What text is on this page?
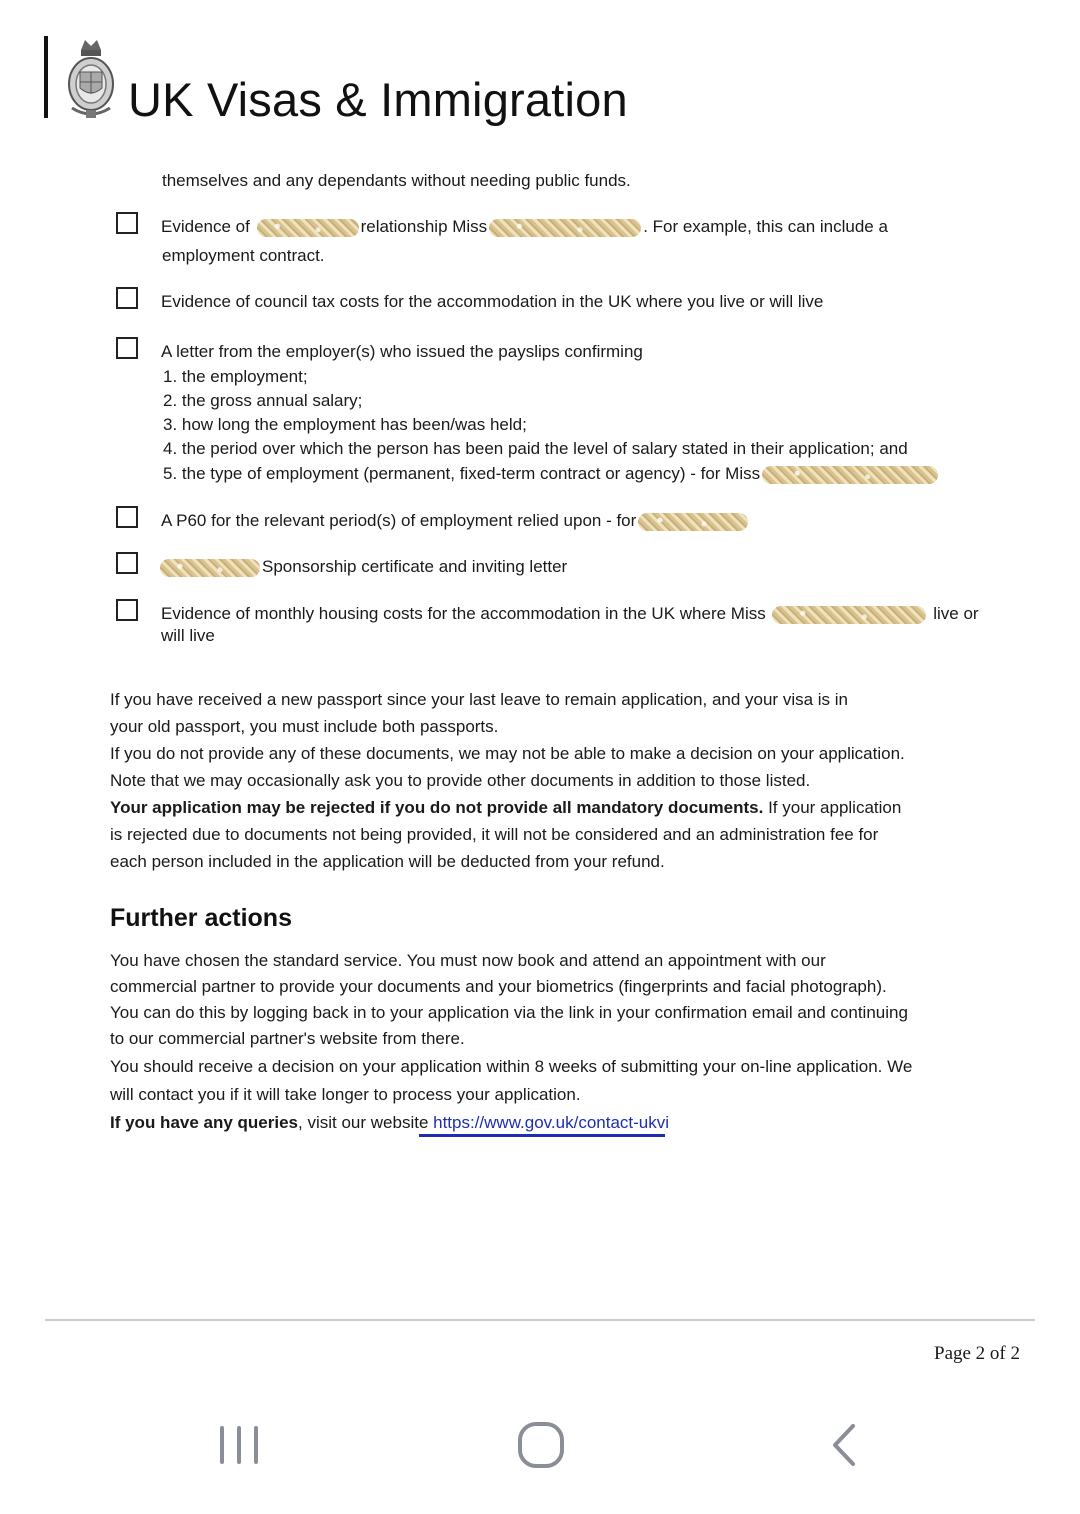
UK Visas & Immigration
themselves and any dependants without needing public funds.
Evidence of	relationship Miss	. For example, this can include a
employment contract.
Evidence of council tax costs for the accommodation in the UK where you live or will live
A letter from the employer(s) who issued the payslips confirming
1. the employment;
2. the gross annual salary;
3. how long the employment has been/was held;
4. the period over which the person has been paid the level of salary stated in their application; and
5. the type of employment (permanent, fixed-term contract or agency) - for Miss
A P60 for the relevant period(s) of employment relied upon - for
Sponsorship certificate and inviting letter
Evidence of monthly housing costs for the accommodation in the UK where Miss	live or
will live
If you have received a new passport since your last leave to remain application, and your visa is in
your old passport, you must include both passports.
If you do not provide any of these documents, we may not be able to make a decision on your application.
Note that we may occasionally ask you to provide other documents in addition to those listed.
Your application may be rejected if you do not provide all mandatory documents. If your application
is rejected due to documents not being provided, it will not be considered and an administration fee for
each person included in the application will be deducted from your refund.
Further actions
You have chosen the standard service. You must now book and attend an appointment with our
commercial partner to provide your documents and your biometrics (fingerprints and facial photograph).
You can do this by logging back in to your application via the link in your confirmation email and continuing
to our commercial partner's website from there.
You should receive a decision on your application within 8 weeks of submitting your on-line application. We
will contact you if it will take longer to process your application.
If you have any queries, visit our website https://www.gov.uk/contact-ukvi
Page 2 of 2
